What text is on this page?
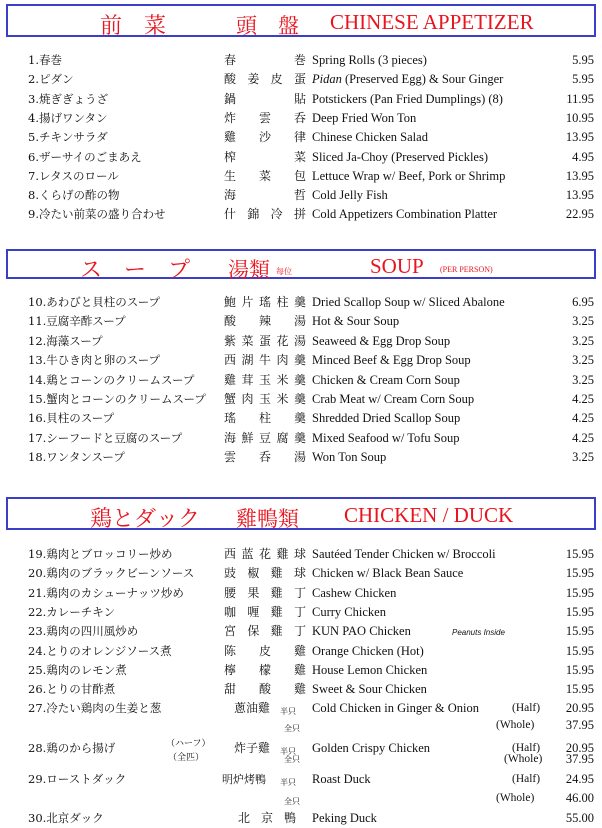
前　菜	頭　盤 CHINESE APPETIZER
1.春巻	春　巻 Spring Rolls (3 pieces)	5.95
2.ピダン	酸姜皮蛋 Pidan (Preserved Egg) & Sour Ginger	5.95
3.焼ぎぎょうざ	鍋　貼 Potstickers (Pan Fried Dumplings) (8)	11.95
4.揚げワンタン	炸雲呑 Deep Fried Won Ton	10.95
5.チキンサラダ	雞沙律 Chinese Chicken Salad	13.95
6.ザーサイのごまあえ	榨　菜 Sliced Ja-Choy (Preserved Pickles)	4.95
7.レタスのロール	生菜包 Lettuce Wrap w/ Beef, Pork or Shrimp	13.95
8.くらげの酢の物	海　哲 Cold Jelly Fish	13.95
9.冷たい前菜の盛り合わせ	什錦冷拼 Cold Appetizers Combination Platter	22.95
ス　ー　プ 湯類 每位	SOUP (PER PERSON)
10.あわびと貝柱のスープ	鮑片瑤柱羹 Dried Scallop Soup w/ Sliced Abalone	6.95
11.豆腐辛酢スープ	酸辣湯 Hot & Sour Soup	3.25
12.海藻スープ	紫菜蛋花湯 Seaweed & Egg Drop Soup	3.25
13.牛ひき肉と卵のスープ	西湖牛肉羹 Minced Beef & Egg Drop Soup	3.25
14.鶏とコーンのクリームスープ 雞茸玉米羹 Chicken & Cream Corn Soup	3.25
15.蟹肉とコーンのクリームスープ 蟹肉玉米羹 Crab Meat w/ Cream Corn Soup	4.25
16.貝柱のスープ	瑤柱羹 Shredded Dried Scallop Soup	4.25
17.シーフードと豆腐のスープ	海鮮豆腐羹 Mixed Seafood w/ Tofu Soup	4.25
18.ワンタンスープ	雲呑湯 Won Ton Soup	3.25
鶏とダック 雞鴨類 CHICKEN / DUCK
19.鶏肉とブロッコリー炒め	西蓝花雞球 Sautéed Tender Chicken w/ Broccoli	15.95
20.鶏肉のブラックビーンソース 豉椒雞球 Chicken w/ Black Bean Sauce	15.95
21.鶏肉のカシューナッツ炒め	腰果雞丁 Cashew Chicken	15.95
22.カレーチキン	咖喱雞丁 Curry Chicken	15.95
23.鶏肉の四川風炒め	宮保雞丁 KUN PAO Chicken	Peanuts Inside	15.95
24.とりのオレンジソース煮	陈皮雞 Orange Chicken (Hot)	15.95
25.鶏肉のレモン煮	檸檬雞 House Lemon Chicken	15.95
26.とりの甘酢煮	甜酸雞 Sweet & Sour Chicken	15.95
27.冷たい鶏肉の生姜と葱	蔥油雞 半只 Cold Chicken in Ginger & Onion	(Half) 20.95
全只	(Whole)	37.95
28.鶏のから揚げ	（ハーフ） 炸子雞 半只 Golden Crispy Chicken	(Half) 20.95
（全匹）	全只	(Whole) 37.95
29.ローストダック	明炉烤鴨 半只 Roast Duck	(Half) 24.95
全只	(Whole)	46.00
30.北京ダック	北京鴨 Peking Duck	55.00
